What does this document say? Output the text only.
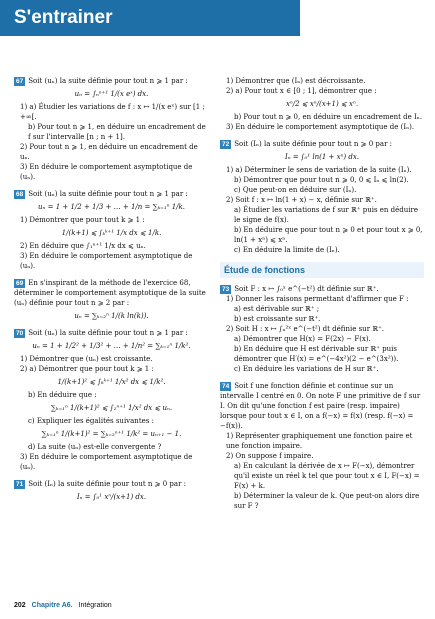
S'entrainer
67 Soit (uₙ) la suite définie pour tout n ⩾ 1 par :
uₙ = ∫ₙⁿ⁺¹ 1/(x eˣ) dx.
1) a) Étudier les variations de f : x ↦ 1/(x eˣ) sur [1 ; +∞[.
b) Pour tout n ⩾ 1, en déduire un encadrement de f sur l'intervalle [n ; n + 1].
2) Pour tout n ⩾ 1, en déduire un encadrement de uₙ.
3) En déduire le comportement asymptotique de (uₙ).
68 Soit (uₙ) la suite définie pour tout n ⩾ 1 par :
uₙ = 1 + 1/2 + 1/3 + … + 1/n = ∑ₖ₌₁ⁿ 1/k.
1) Démontrer que pour tout k ⩾ 1 :
1/(k+1) ⩽ ∫ₖᵏ⁺¹ 1/x dx ⩽ 1/k.
2) En déduire que ∫₁ⁿ⁺¹ 1/x dx ⩽ uₙ.
3) En déduire le comportement asymptotique de (uₙ).
69 En s'inspirant de la méthode de l'exercice 68, déterminer le comportement asymptotique de la suite (uₙ) définie pour tout n ⩾ 2 par :
uₙ = ∑ₖ₌₂ⁿ 1/(k ln(k)).
70 Soit (uₙ) la suite définie pour tout n ⩾ 1 par :
uₙ = 1 + 1/2² + 1/3² + … + 1/n² = ∑ₖ₌₁ⁿ 1/k².
1) Démontrer que (uₙ) est croissante.
2) a) Démontrer que pour tout k ⩾ 1 :
1/(k+1)² ⩽ ∫ₖᵏ⁺¹ 1/x² dx ⩽ 1/k².
b) En déduire que :
∑ₖ₌₁ⁿ 1/(k+1)² ⩽ ∫₁ⁿ⁺¹ 1/x² dx ⩽ uₙ.
c) Expliquer les égalités suivantes :
∑ₖ₌₁ⁿ 1/(k+1)² = ∑ₖ₌₂ⁿ⁺¹ 1/k² = uₙ₊₁ − 1.
d) La suite (uₙ) est-elle convergente ?
3) En déduire le comportement asymptotique de (uₙ).
71 Soit (Iₙ) la suite définie pour tout n ⩾ 0 par :
Iₙ = ∫₀¹ xⁿ/(x+1) dx.
1) Démontrer que (Iₙ) est décroissante.
2) a) Pour tout x ∈ [0 ; 1], démontrer que :
xⁿ/2 ⩽ xⁿ/(x+1) ⩽ xⁿ.
b) Pour tout n ⩾ 0, en déduire un encadrement de Iₙ.
3) En déduire le comportement asymptotique de (Iₙ).
72 Soit (Iₙ) la suite définie pour tout n ⩾ 0 par :
Iₙ = ∫₀¹ ln(1 + xⁿ) dx.
1) a) Déterminer le sens de variation de la suite (Iₙ).
b) Démontrer que pour tout n ⩾ 0, 0 ⩽ Iₙ ⩽ ln(2).
c) Que peut-on en déduire sur (Iₙ).
2) Soit f : x ↦ ln(1 + x) − x, définie sur ℝ⁺.
a) Étudier les variations de f sur ℝ⁺ puis en déduire le signe de f(x).
b) En déduire que pour tout n ⩾ 0 et pour tout x ⩾ 0, ln(1 + xⁿ) ⩽ xⁿ.
c) En déduire la limite de (Iₙ).
Étude de fonctions
73 Soit F : x ↦ ∫₀ˣ e^(−t²) dt définie sur ℝ⁺.
1) Donner les raisons permettant d'affirmer que F :
a) est dérivable sur ℝ⁺ ;
b) est croissante sur ℝ⁺.
2) Soit H : x ↦ ∫ₓ²ˣ e^(−t²) dt définie sur ℝ⁺.
a) Démontrer que H(x) = F(2x) − F(x).
b) En déduire que H est dérivable sur ℝ⁺ puis démontrer que H′(x) = e^(−4x²)(2 − e^(3x²)).
c) En déduire les variations de H sur ℝ⁺.
74 Soit f une fonction définie et continue sur un intervalle I centré en 0. On note F une primitive de f sur I. On dit qu'une fonction f est paire (resp. impaire) lorsque pour tout x ∈ I, on a f(−x) = f(x) (resp. f(−x) = −f(x)).
1) Représenter graphiquement une fonction paire et une fonction impaire.
2) On suppose f impaire.
a) En calculant la dérivée de x ↦ F(−x), démontrer qu'il existe un réel k tel que pour tout x ∈ I, F(−x) = F(x) + k.
b) Déterminer la valeur de k. Que peut-on alors dire sur F ?
202 Chapitre A6. Intégration
